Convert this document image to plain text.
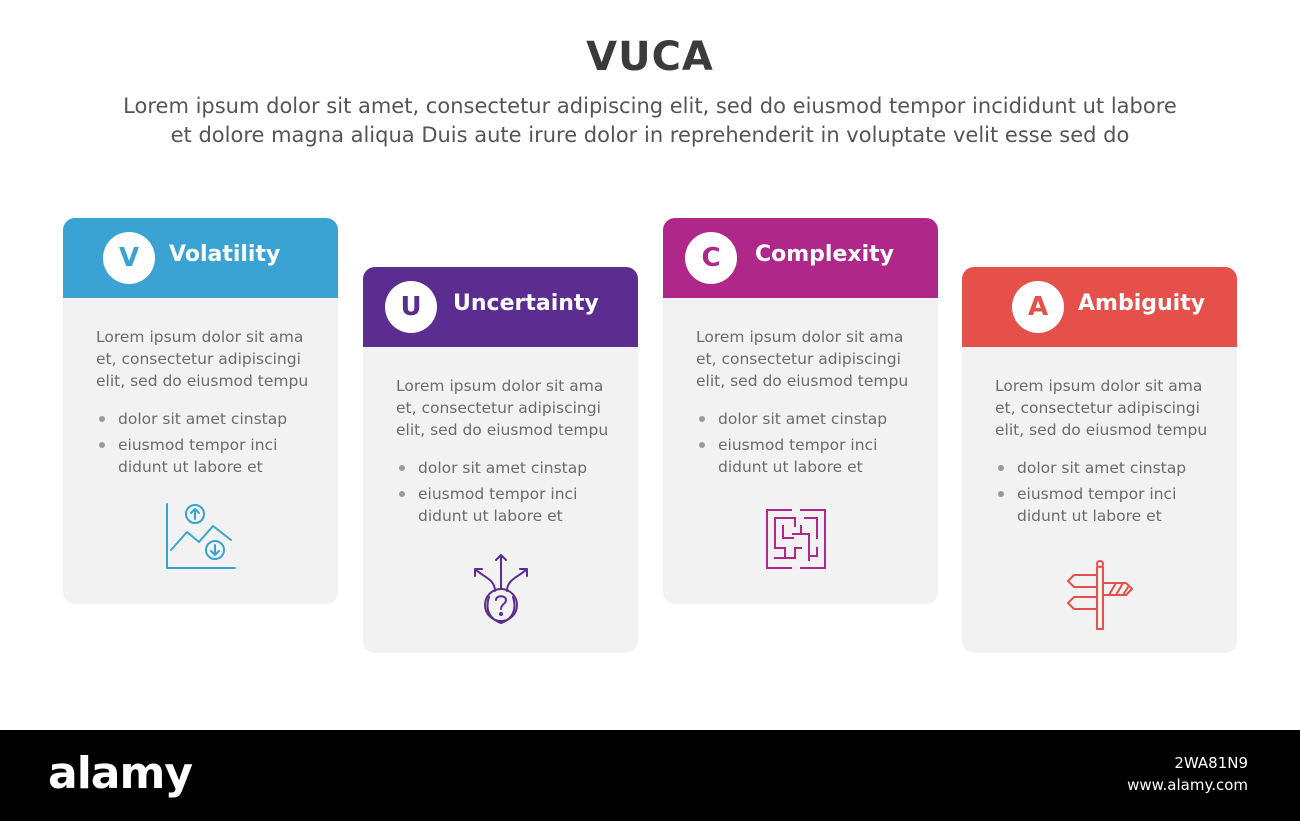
VUCA
Lorem ipsum dolor sit amet, consectetur adipiscing elit, sed do eiusmod tempor incididunt ut labore
et dolore magna aliqua Duis aute irure dolor in reprehenderit in voluptate velit esse sed do
V	Volatility
Lorem ipsum dolor sit ama
et, consectetur adipiscingi
elit, sed do eiusmod tempu
dolor sit amet cinstap
eiusmod tempor inci
didunt ut labore et
U	Uncertainty
Lorem ipsum dolor sit ama
et, consectetur adipiscingi
elit, sed do eiusmod tempu
dolor sit amet cinstap
eiusmod tempor inci
didunt ut labore et
C	Complexity
Lorem ipsum dolor sit ama
et, consectetur adipiscingi
elit, sed do eiusmod tempu
dolor sit amet cinstap
eiusmod tempor inci
didunt ut labore et
A	Ambiguity
Lorem ipsum dolor sit ama
et, consectetur adipiscingi
elit, sed do eiusmod tempu
dolor sit amet cinstap
eiusmod tempor inci
didunt ut labore et
alamy	2WA81N9
www.alamy.com
